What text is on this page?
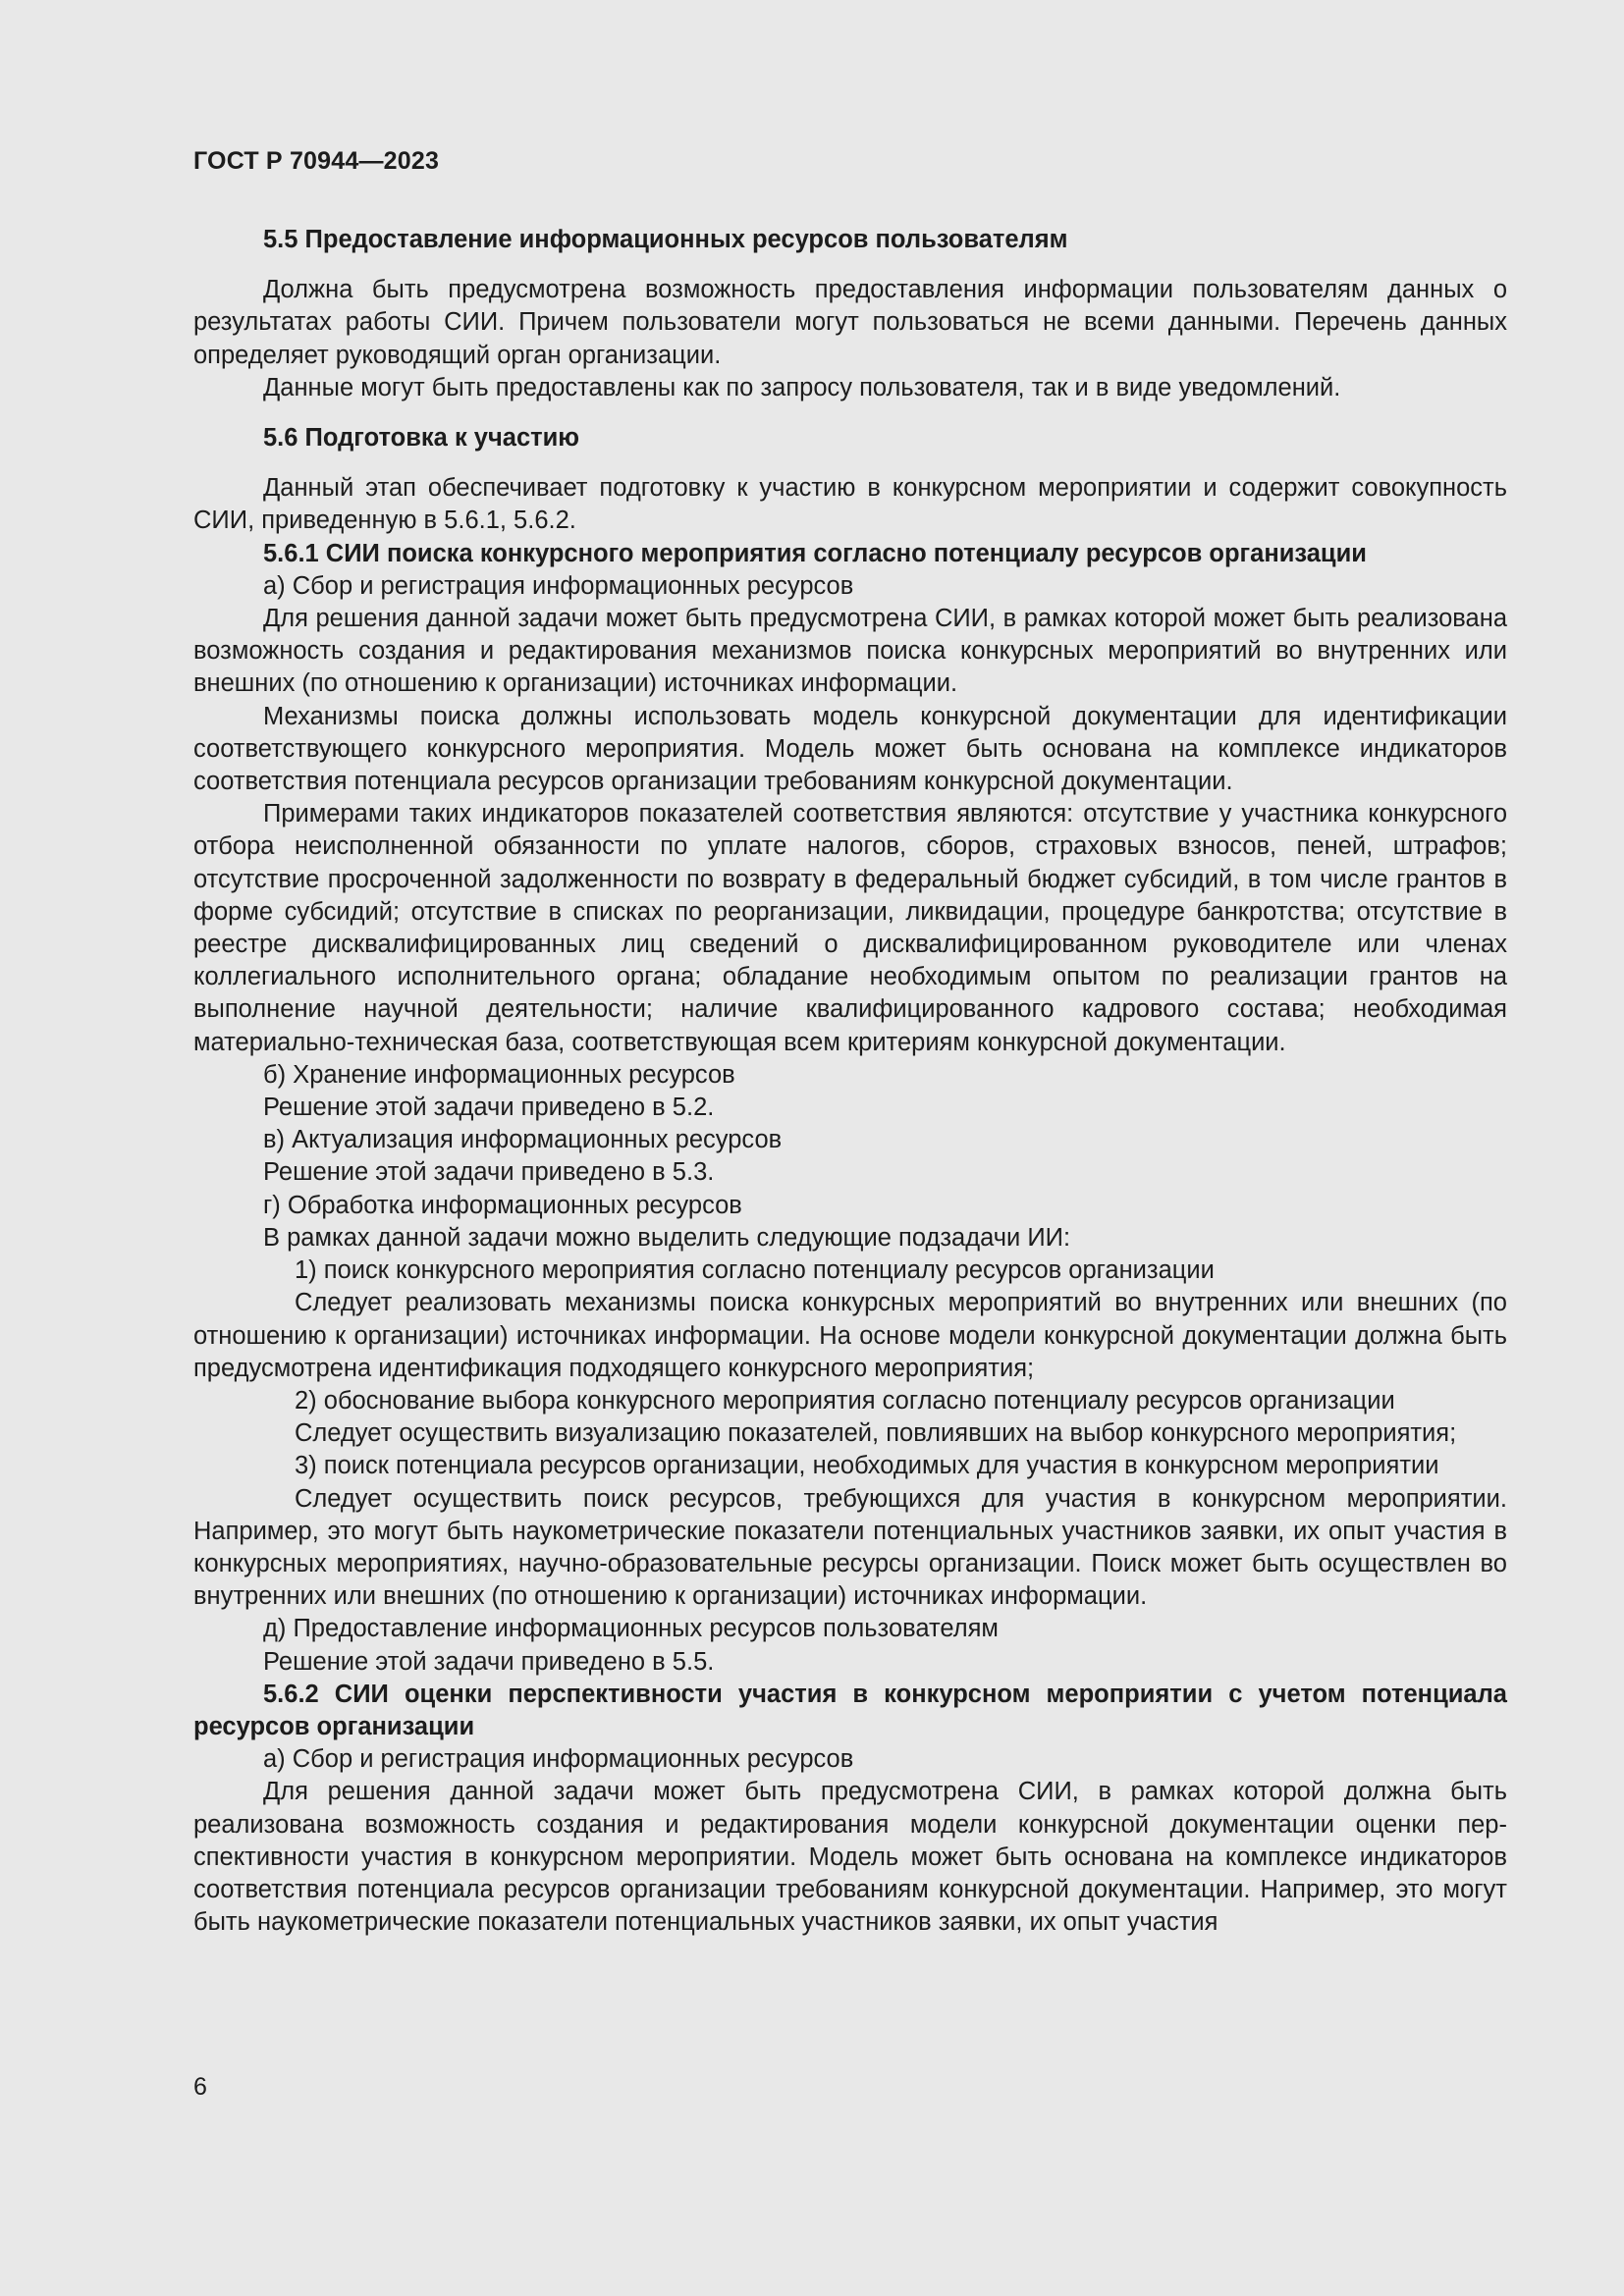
ГОСТ Р 70944—2023

5.5 Предоставление информационных ресурсов пользователям

Должна быть предусмотрена возможность предоставления информации пользователям данных о результатах работы СИИ. Причем пользователи могут пользоваться не всеми данными. Перечень данных определяет руководящий орган организации.

Данные могут быть предоставлены как по запросу пользователя, так и в виде уведомлений.

5.6 Подготовка к участию

Данный этап обеспечивает подготовку к участию в конкурсном мероприятии и содержит совокупность СИИ, приведенную в 5.6.1, 5.6.2.

5.6.1 СИИ поиска конкурсного мероприятия согласно потенциалу ресурсов организации

а) Сбор и регистрация информационных ресурсов

Для решения данной задачи может быть предусмотрена СИИ, в рамках которой может быть реализована возможность создания и редактирования механизмов поиска конкурсных мероприятий во внутренних или внешних (по отношению к организации) источниках информации.

Механизмы поиска должны использовать модель конкурсной документации для идентификации соответствующего конкурсного мероприятия. Модель может быть основана на комплексе индикаторов соответствия потенциала ресурсов организации требованиям конкурсной документации.

Примерами таких индикаторов показателей соответствия являются: отсутствие у участника конкурсного отбора неисполненной обязанности по уплате налогов, сборов, страховых взносов, пеней, штрафов; отсутствие просроченной задолженности по возврату в федеральный бюджет субсидий, в том числе грантов в форме субсидий; отсутствие в списках по реорганизации, ликвидации, процедуре банкротства; отсутствие в реестре дисквалифицированных лиц сведений о дисквалифицированном руководителе или членах коллегиального исполнительного органа; обладание необходимым опытом по реализации грантов на выполнение научной деятельности; наличие квалифицированного кадрового состава; необходимая материально-техническая база, соответствующая всем критериям конкурсной документации.

б) Хранение информационных ресурсов

Решение этой задачи приведено в 5.2.

в) Актуализация информационных ресурсов

Решение этой задачи приведено в 5.3.

г) Обработка информационных ресурсов

В рамках данной задачи можно выделить следующие подзадачи ИИ:

1) поиск конкурсного мероприятия согласно потенциалу ресурсов организации

Следует реализовать механизмы поиска конкурсных мероприятий во внутренних или внешних (по отношению к организации) источниках информации. На основе модели конкурсной документации должна быть предусмотрена идентификация подходящего конкурсного мероприятия;

2) обоснование выбора конкурсного мероприятия согласно потенциалу ресурсов организации

Следует осуществить визуализацию показателей, повлиявших на выбор конкурсного мероприятия;

3) поиск потенциала ресурсов организации, необходимых для участия в конкурсном мероприятии

Следует осуществить поиск ресурсов, требующихся для участия в конкурсном мероприятии. Например, это могут быть наукометрические показатели потенциальных участников заявки, их опыт участия в конкурсных мероприятиях, научно-образовательные ресурсы организации. Поиск может быть осуществлен во внутренних или внешних (по отношению к организации) источниках информации.

д) Предоставление информационных ресурсов пользователям

Решение этой задачи приведено в 5.5.

5.6.2 СИИ оценки перспективности участия в конкурсном мероприятии с учетом потенциала ресурсов организации

а) Сбор и регистрация информационных ресурсов

Для решения данной задачи может быть предусмотрена СИИ, в рамках которой должна быть реализована возможность создания и редактирования модели конкурсной документации оценки перспективности участия в конкурсном мероприятии. Модель может быть основана на комплексе индикаторов соответствия потенциала ресурсов организации требованиям конкурсной документации. Например, это могут быть наукометрические показатели потенциальных участников заявки, их опыт участия

6
